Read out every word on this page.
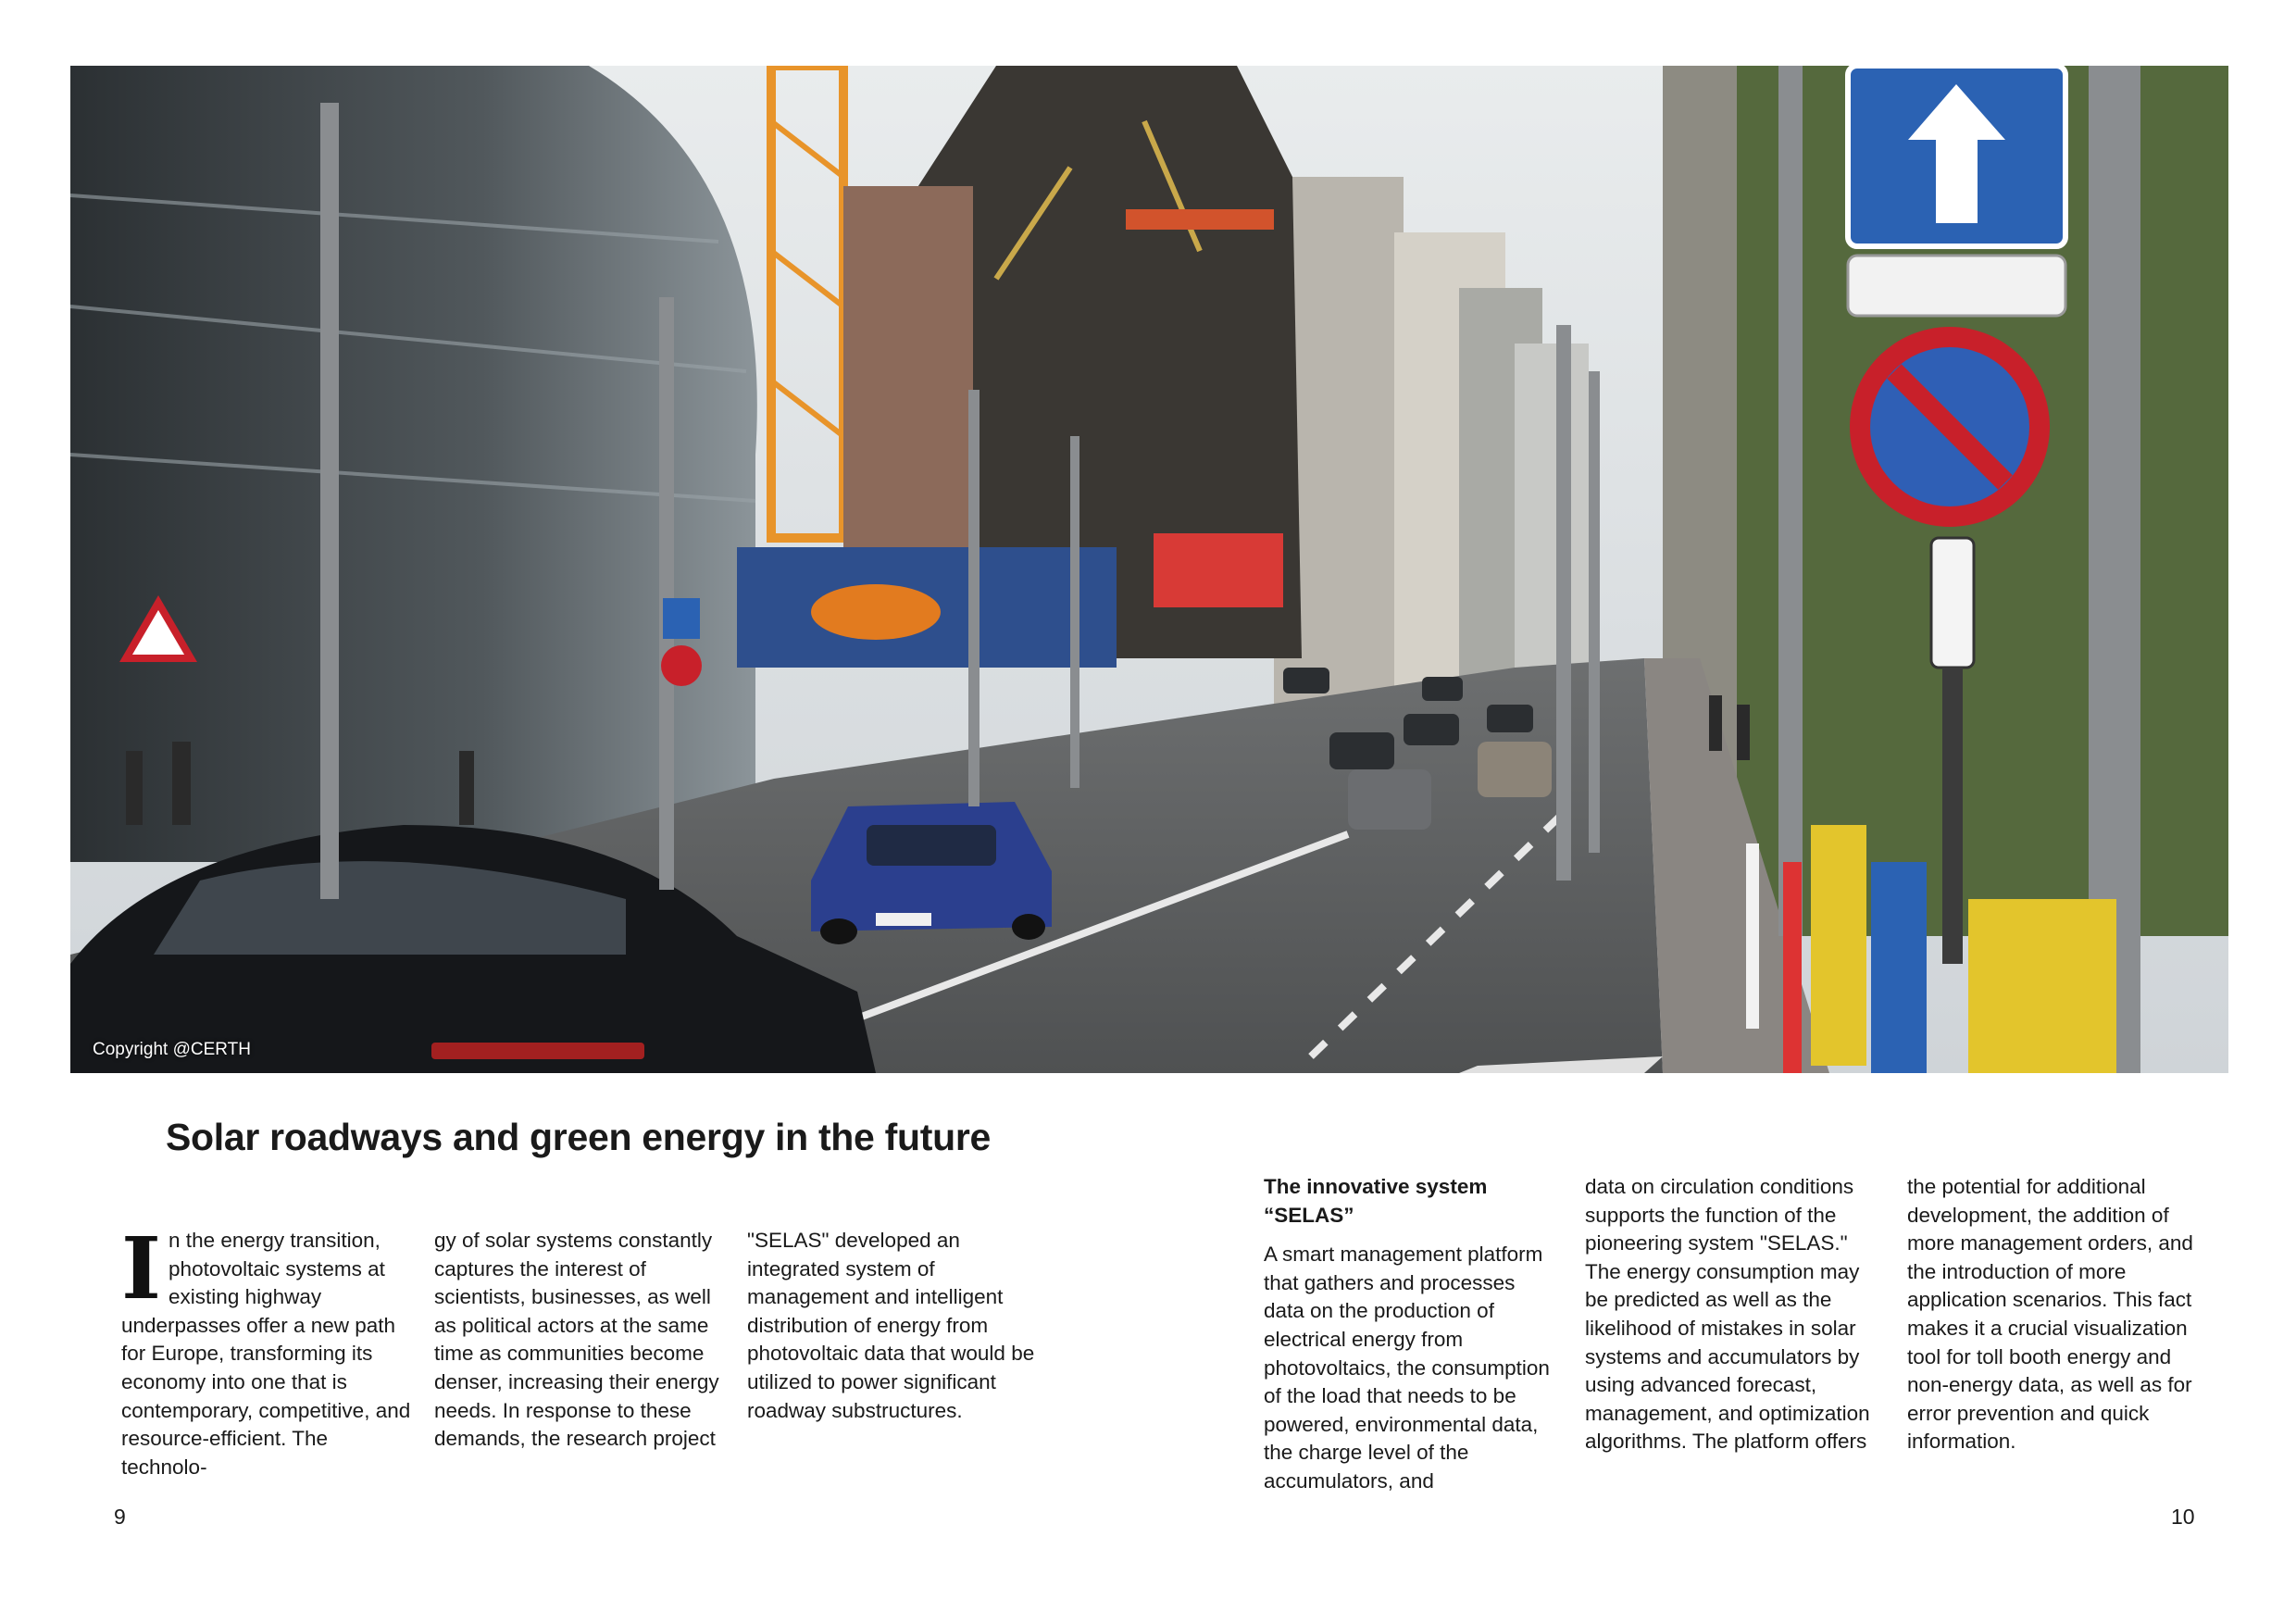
Copyright @CERTH
Solar roadways and green energy in the future

In the energy transition, photovoltaic systems at existing highway underpasses offer a new path for Europe, transforming its economy into one that is contemporary, competitive, and resource-efficient. The technolo-

gy of solar systems constantly captures the interest of scientists, businesses, as well as political actors at the same time as communities become denser, increasing their energy needs. In response to these demands, the research project

"SELAS" developed an integrated system of management and intelligent distribution of energy from photovoltaic data that would be utilized to power significant roadway substructures.

9

The innovative system “SELAS”

A smart management platform that gathers and processes data on the production of electrical energy from photovoltaics, the consumption of the load that needs to be powered, environmental data, the charge level of the accumulators, and

data on circulation conditions supports the function of the pioneering system "SELAS." The energy consumption may be predicted as well as the likelihood of mistakes in solar systems and accumulators by using advanced forecast, management, and optimization algorithms. The platform offers

the potential for additional development, the addition of more management orders, and the introduction of more application scenarios. This fact makes it a crucial visualization tool for toll booth energy and non-energy data, as well as for error prevention and quick information.

10
